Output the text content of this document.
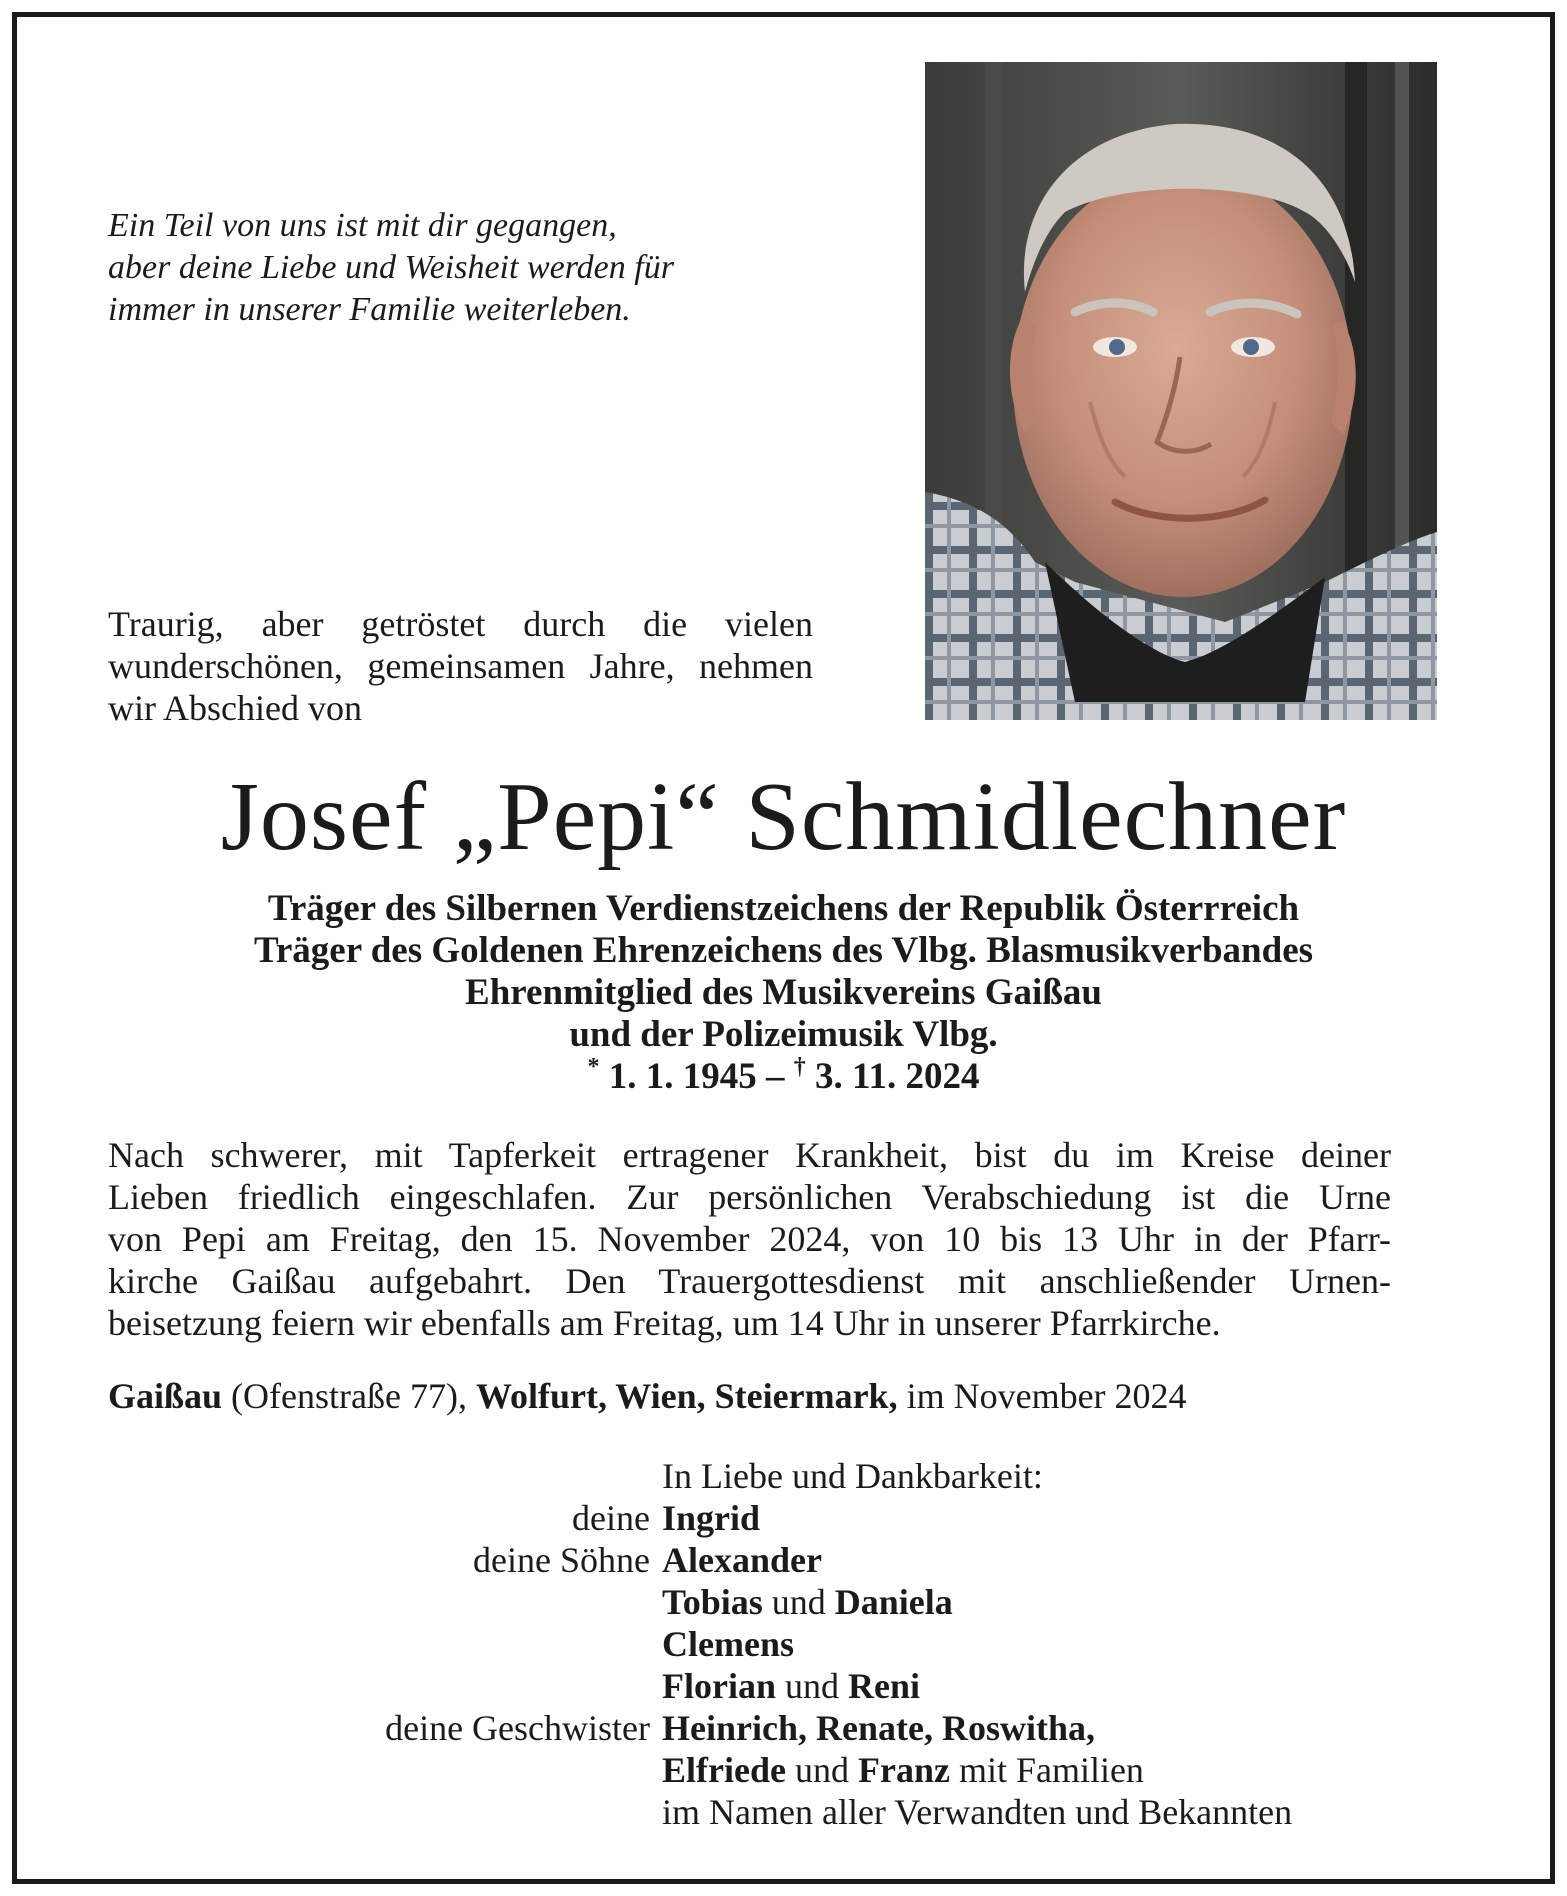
Ein Teil von uns ist mit dir gegangen,
aber deine Liebe und Weisheit werden für
immer in unserer Familie weiterleben.
Traurig, aber getröstet durch die vielen wunderschönen, gemeinsamen Jahre, nehmen wir Abschied von
Josef „Pepi“ Schmidlechner
Träger des Silbernen Verdienstzeichens der Republik Österrreich
Träger des Goldenen Ehrenzeichens des Vlbg. Blasmusikverbandes
Ehrenmitglied des Musikvereins Gaißau
und der Polizeimusik Vlbg.
* 1. 1. 1945 – † 3. 11. 2024
Nach schwerer, mit Tapferkeit ertragener Krankheit, bist du im Kreise deiner
Lieben friedlich eingeschlafen. Zur persönlichen Verabschiedung ist die Urne
von Pepi am Freitag, den 15. November 2024, von 10 bis 13 Uhr in der Pfarr-
kirche Gaißau aufgebahrt. Den Trauergottesdienst mit anschließender Urnen-
beisetzung feiern wir ebenfalls am Freitag, um 14 Uhr in unserer Pfarrkirche.
Gaißau (Ofenstraße 77), Wolfurt, Wien, Steiermark, im November 2024
In Liebe und Dankbarkeit:
deine Ingrid
deine Söhne Alexander
Tobias und Daniela
Clemens
Florian und Reni
deine Geschwister Heinrich, Renate, Roswitha,
Elfriede und Franz mit Familien
im Namen aller Verwandten und Bekannten
